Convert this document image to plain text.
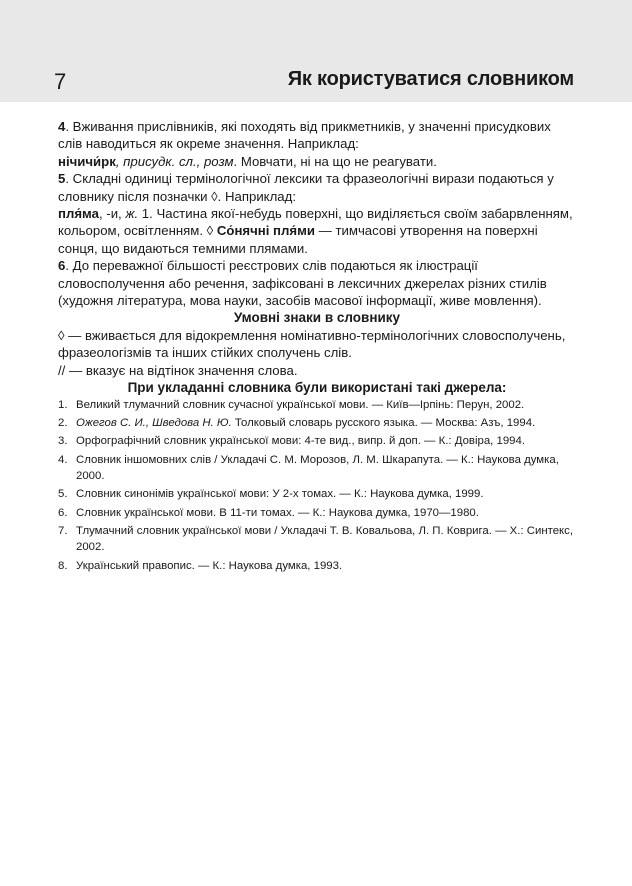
7	Як користуватися словником

4. Вживання прислівників, які походять від прикметників, у значенні присудкових слів наводиться як окреме значення. Наприклад:

нічичи́рк, присудк. сл., розм. Мовчати, ні на що не реагувати.

5. Складні одиниці термінологічної лексики та фразеологічні вирази подаються у словнику після позначки ◊. Наприклад:

пля́ма, -и, ж. 1. Частина якої-небудь поверхні, що виділяється своїм забарвленням, кольором, освітленням. ◊ Со́нячні пля́ми — тимчасові утворення на поверхні сонця, що видаються темними плямами.

6. До переважної більшості реєстрових слів подаються як ілюстрації словосполучення або речення, зафіксовані в лексичних джерелах різних стилів (художня література, мова науки, засобів масової інформації, живе мовлення).

Умовні знаки в словнику

◊ — вживається для відокремлення номінативно-термінологічних словосполучень, фразеологізмів та інших стійких сполучень слів.

// — вказує на відтінок значення слова.

При укладанні словника були використані такі джерела:

1. Великий тлумачний словник сучасної української мови. — Київ—Ірпінь: Перун, 2002.
2. Ожегов С. И., Шведова Н. Ю. Толковый словарь русского языка. — Москва: Азъ, 1994.
3. Орфографічний словник української мови: 4-те вид., випр. й доп. — К.: Довіра, 1994.
4. Словник іншомовних слів / Укладачі С. М. Морозов, Л. М. Шкарапута. — К.: Наукова думка, 2000.
5. Словник синонімів української мови: У 2-х томах. — К.: Наукова думка, 1999.
6. Словник української мови. В 11-ти томах. — К.: Наукова думка, 1970—1980.
7. Тлумачний словник української мови / Укладачі Т. В. Ковальова, Л. П. Коврига. — Х.: Синтекс, 2002.
8. Український правопис. — К.: Наукова думка, 1993.
